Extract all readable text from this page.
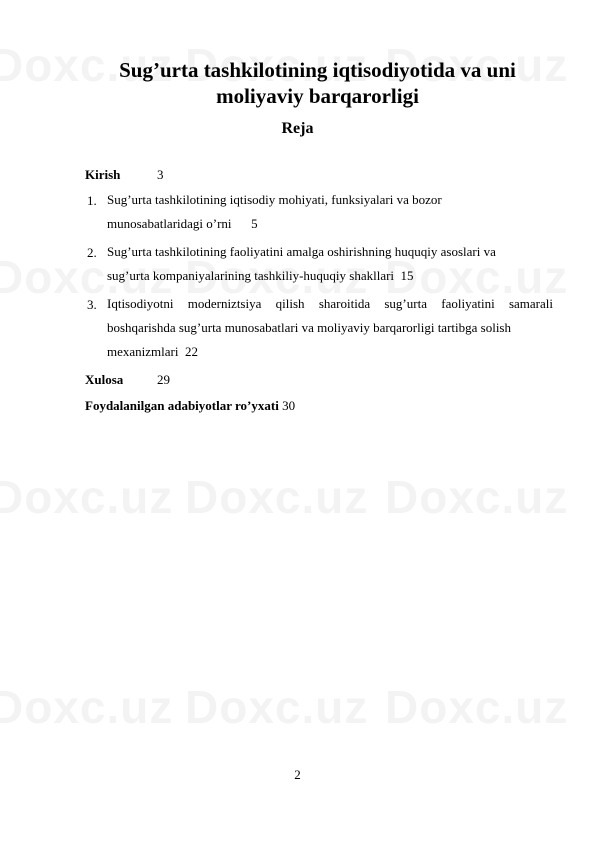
Sug’urta tashkilotining iqtisodiyotida va uni
moliyaviy barqarorligi
Reja
Kirish	3
1. Sug’urta tashkilotining iqtisodiy mohiyati, funksiyalari va bozor
munosabatlaridagi o’rni 5
2. Sug’urta tashkilotining faoliyatini amalga oshirishning huquqiy asoslari va
sug’urta kompaniyalarining tashkiliy-huquqiy shakllari 15
3. Iqtisodiyotni moderniztsiya qilish sharoitida sug’urta faoliyatini samarali boshqarishda sug’urta munosabatlari va moliyaviy barqarorligi tartibga solish
mexanizmlari 22
Xulosa	29
Foydalanilgan adabiyotlar ro’yxati 30
2
